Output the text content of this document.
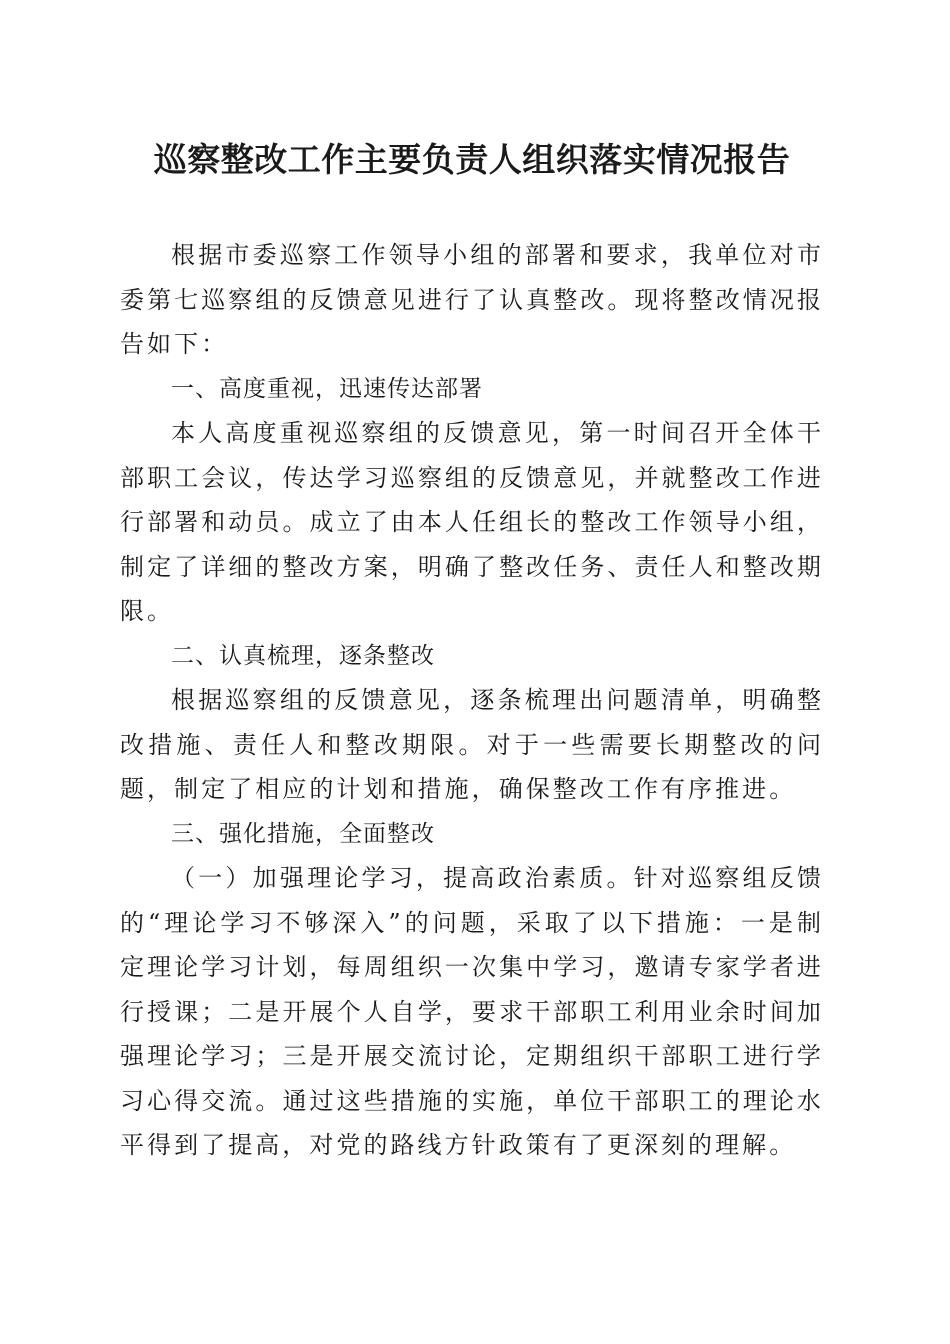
巡察整改工作主要负责人组织落实情况报告

根据市委巡察工作领导小组的部署和要求，我单位对市委第七巡察组的反馈意见进行了认真整改。现将整改情况报告如下：

一、高度重视，迅速传达部署

本人高度重视巡察组的反馈意见，第一时间召开全体干部职工会议，传达学习巡察组的反馈意见，并就整改工作进行部署和动员。成立了由本人任组长的整改工作领导小组，制定了详细的整改方案，明确了整改任务、责任人和整改期限。

二、认真梳理，逐条整改

根据巡察组的反馈意见，逐条梳理出问题清单，明确整改措施、责任人和整改期限。对于一些需要长期整改的问题，制定了相应的计划和措施，确保整改工作有序推进。

三、强化措施，全面整改

（一）加强理论学习，提高政治素质。针对巡察组反馈的“理论学习不够深入”的问题，采取了以下措施：一是制定理论学习计划，每周组织一次集中学习，邀请专家学者进行授课；二是开展个人自学，要求干部职工利用业余时间加强理论学习；三是开展交流讨论，定期组织干部职工进行学习心得交流。通过这些措施的实施，单位干部职工的理论水平得到了提高，对党的路线方针政策有了更深刻的理解。
